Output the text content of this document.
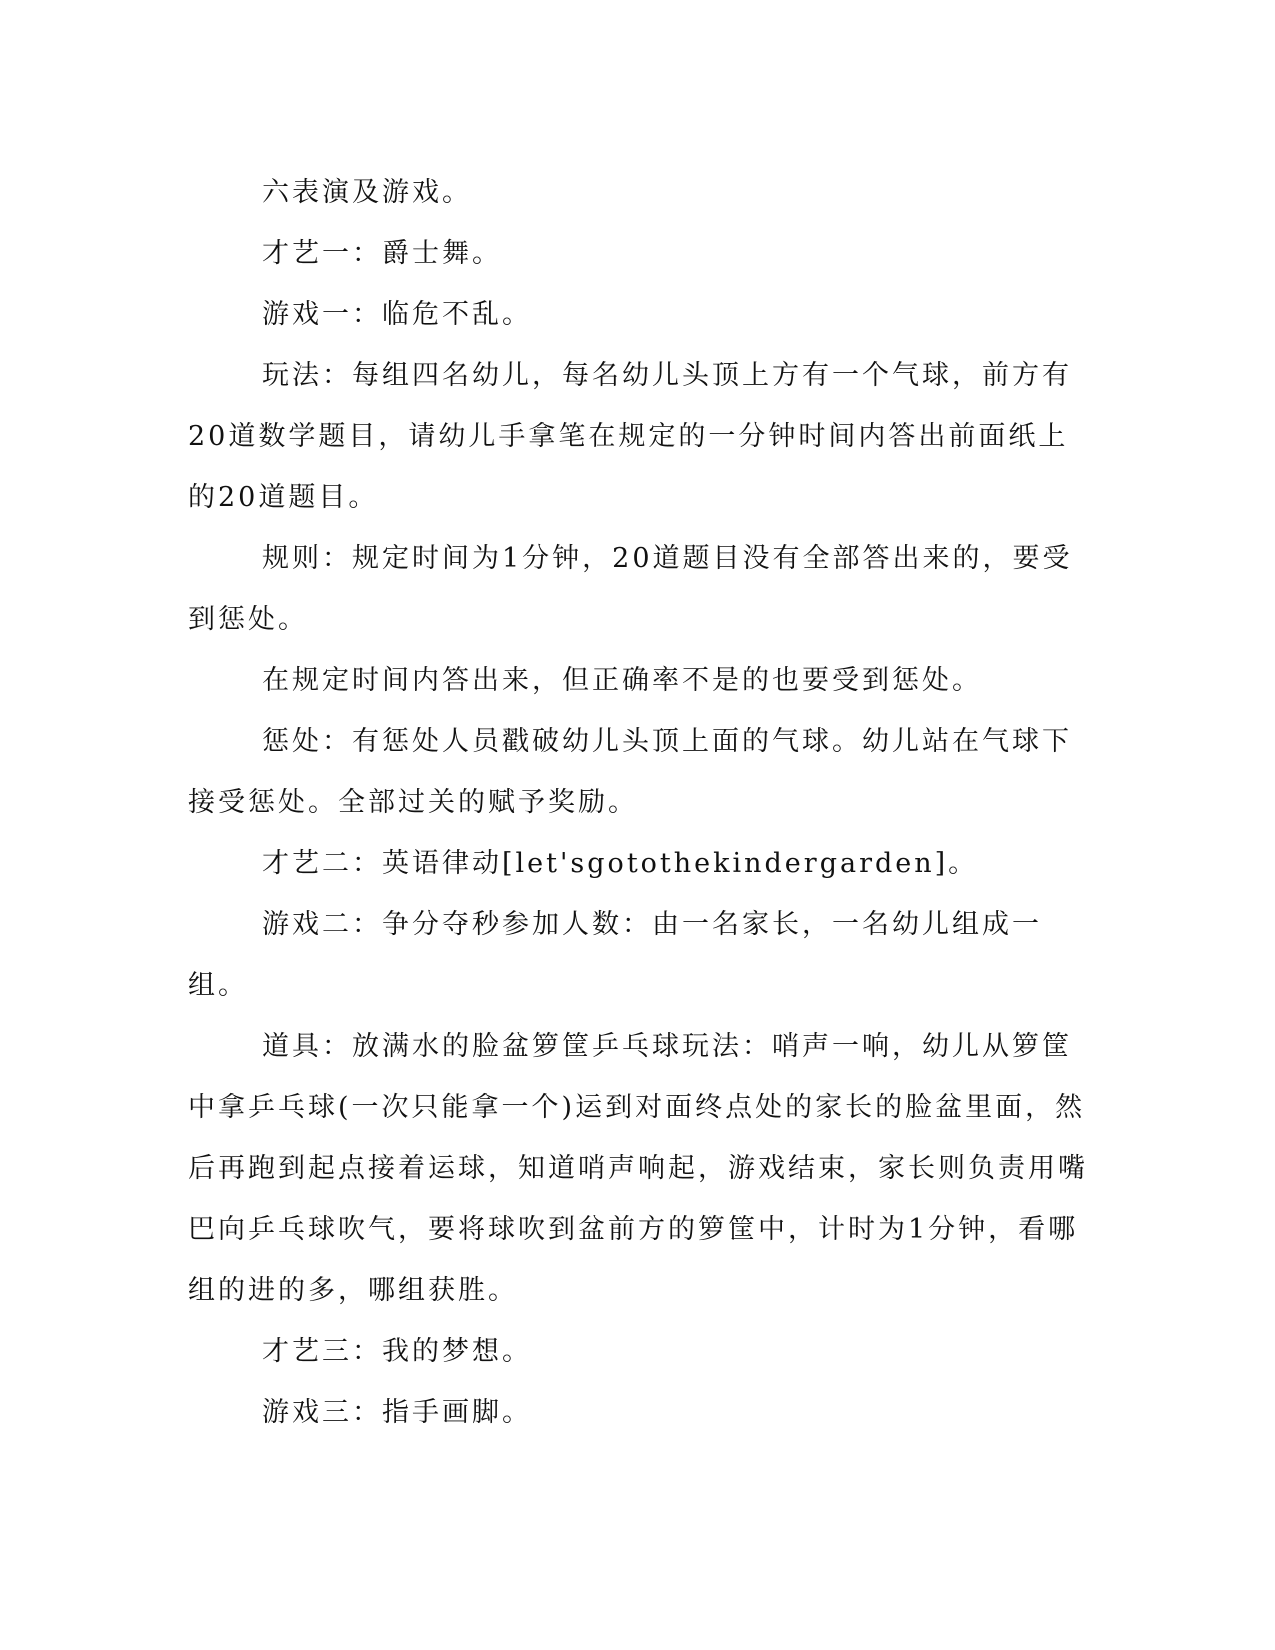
六表演及游戏。

才艺一：爵士舞。

游戏一：临危不乱。

玩法：每组四名幼儿，每名幼儿头顶上方有一个气球，前方有20道数学题目，请幼儿手拿笔在规定的一分钟时间内答出前面纸上的20道题目。

规则：规定时间为1分钟，20道题目没有全部答出来的，要受到惩处。

在规定时间内答出来，但正确率不是的也要受到惩处。

惩处：有惩处人员戳破幼儿头顶上面的气球。幼儿站在气球下接受惩处。全部过关的赋予奖励。

才艺二：英语律动[let'sgotothekindergarden]。

游戏二：争分夺秒参加人数：由一名家长，一名幼儿组成一组。

道具：放满水的脸盆箩筐乒乓球玩法：哨声一响，幼儿从箩筐中拿乒乓球(一次只能拿一个)运到对面终点处的家长的脸盆里面，然后再跑到起点接着运球，知道哨声响起，游戏结束，家长则负责用嘴巴向乒乓球吹气，要将球吹到盆前方的箩筐中，计时为1分钟，看哪组的进的多，哪组获胜。

才艺三：我的梦想。

游戏三：指手画脚。
